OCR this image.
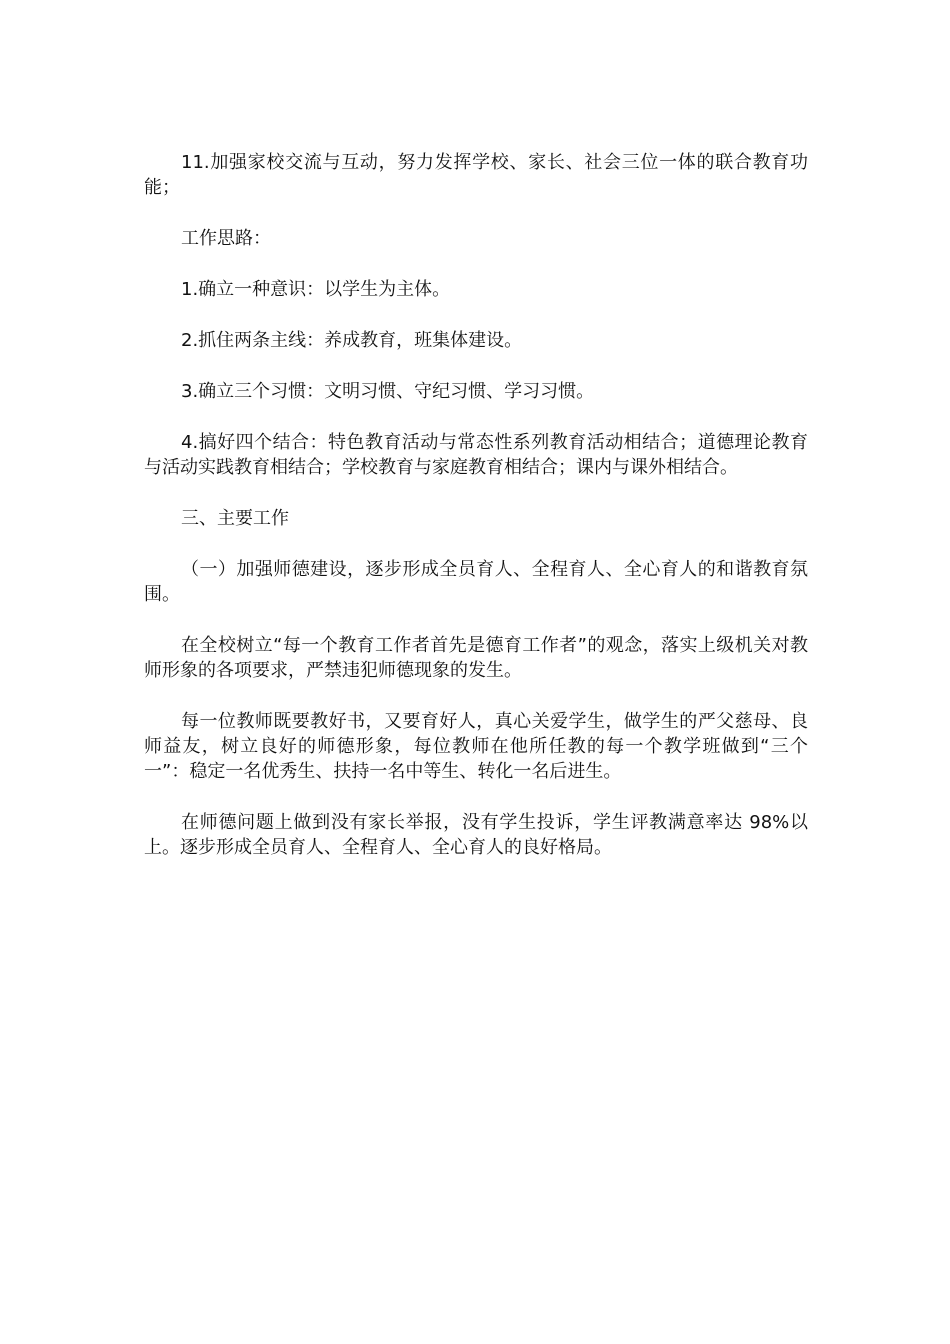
11.加强家校交流与互动，努力发挥学校、家长、社会三位一体的联合教育功能；

工作思路：

1.确立一种意识：以学生为主体。

2.抓住两条主线：养成教育，班集体建设。

3.确立三个习惯：文明习惯、守纪习惯、学习习惯。

4.搞好四个结合：特色教育活动与常态性系列教育活动相结合；道德理论教育与活动实践教育相结合；学校教育与家庭教育相结合；课内与课外相结合。

三、主要工作

（一）加强师德建设，逐步形成全员育人、全程育人、全心育人的和谐教育氛围。

在全校树立“每一个教育工作者首先是德育工作者”的观念，落实上级机关对教师形象的各项要求，严禁违犯师德现象的发生。

每一位教师既要教好书，又要育好人，真心关爱学生，做学生的严父慈母、良师益友，树立良好的师德形象，每位教师在他所任教的每一个教学班做到“三个一”：稳定一名优秀生、扶持一名中等生、转化一名后进生。

在师德问题上做到没有家长举报，没有学生投诉，学生评教满意率达 98%以上。逐步形成全员育人、全程育人、全心育人的良好格局。
